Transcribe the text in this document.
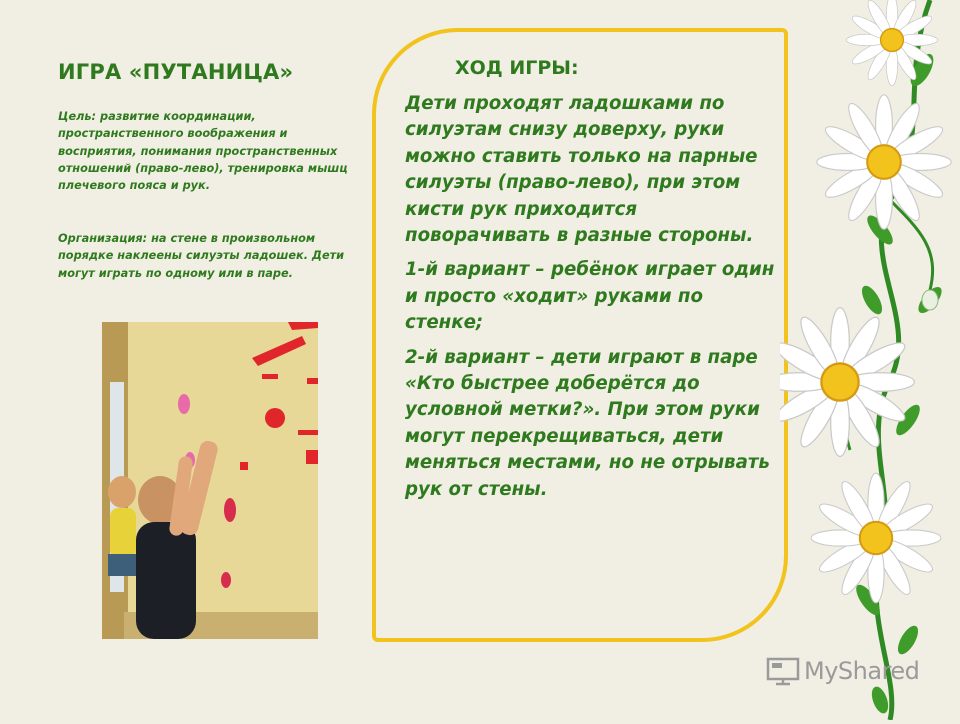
ИГРА «ПУТАНИЦА»

Цель: развитие координации, пространственного воображения и восприятия, понимания пространственных отношений (право-лево), тренировка мышц плечевого пояса и рук.

Организация: на стене в произвольном порядке наклеены силуэты ладошек. Дети могут играть по одному или в паре.

ХОД ИГРЫ:

Дети проходят ладошками по силуэтам снизу доверху, руки можно ставить только на парные силуэты (право-лево), при этом кисти рук приходится поворачивать в разные стороны.

1-й вариант – ребёнок играет один и просто «ходит» руками по стенке;

2-й вариант – дети играют в паре «Кто быстрее доберётся до условной метки?». При этом руки могут перекрещиваться, дети меняться местами, но не отрывать рук от стены.

MyShared
